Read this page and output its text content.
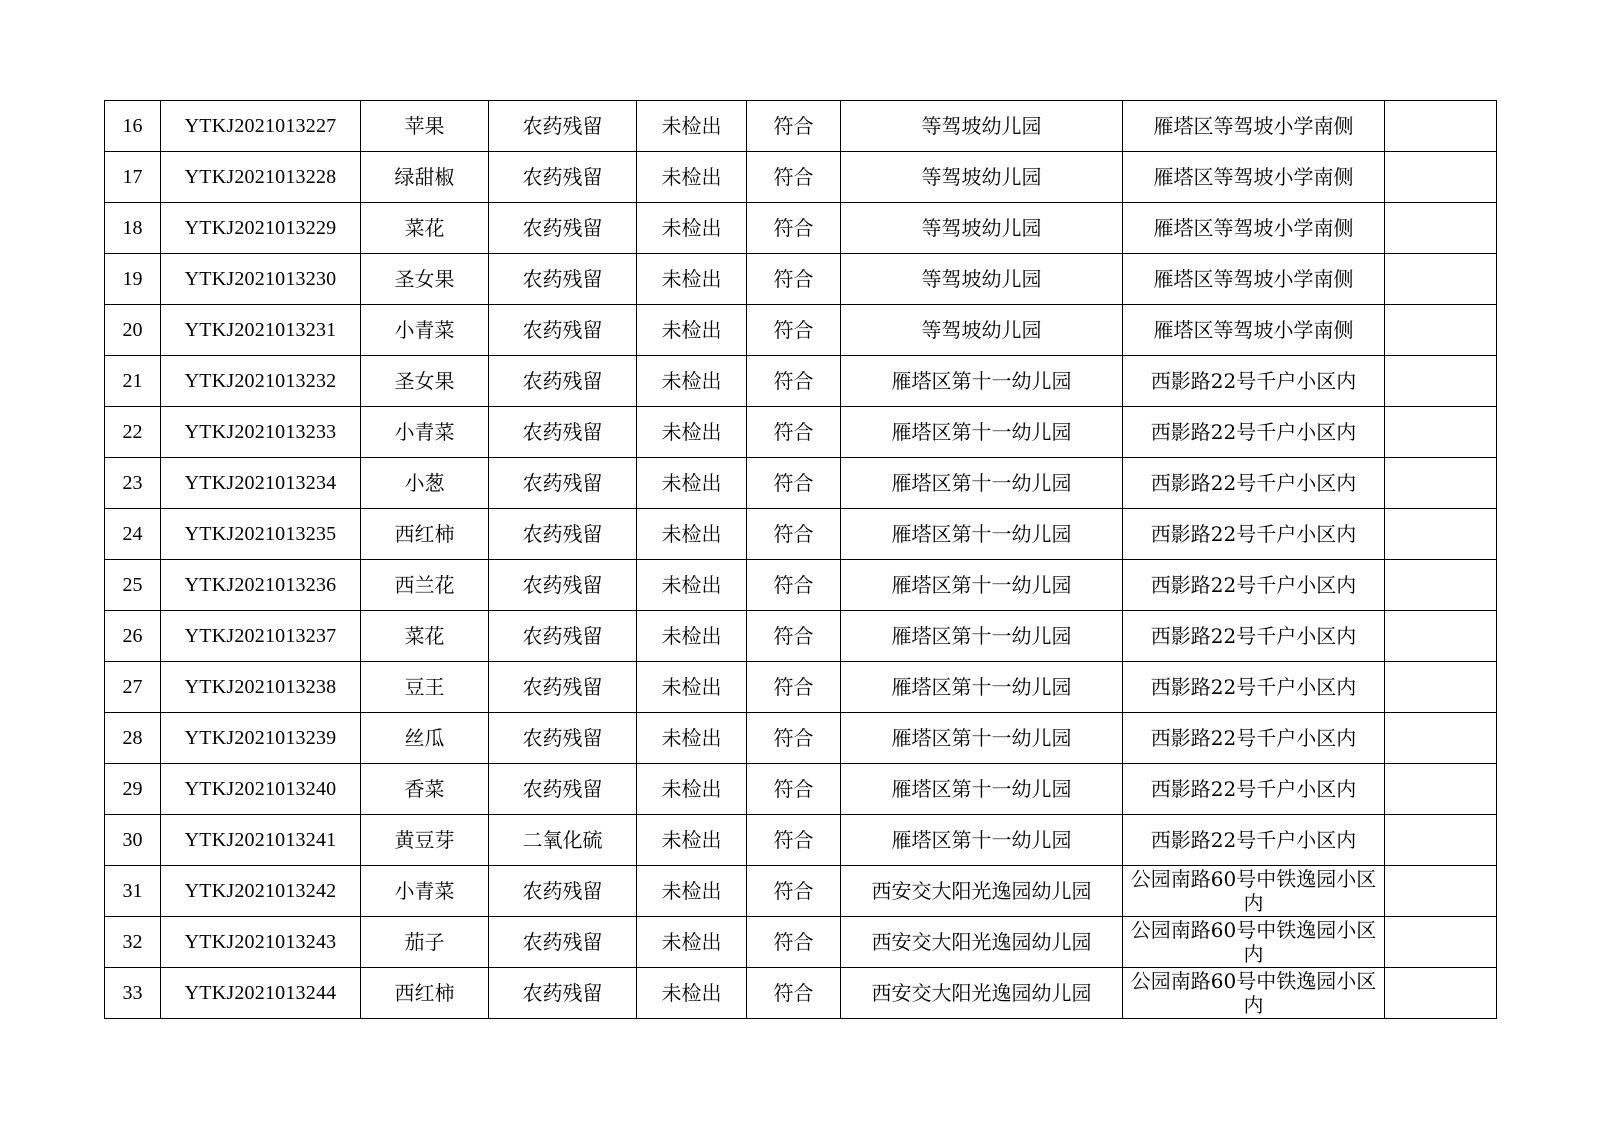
16	YTKJ2021013227	苹果	农药残留	未检出	符合	等驾坡幼儿园	雁塔区等驾坡小学南侧	
17	YTKJ2021013228	绿甜椒	农药残留	未检出	符合	等驾坡幼儿园	雁塔区等驾坡小学南侧	
18	YTKJ2021013229	菜花	农药残留	未检出	符合	等驾坡幼儿园	雁塔区等驾坡小学南侧	
19	YTKJ2021013230	圣女果	农药残留	未检出	符合	等驾坡幼儿园	雁塔区等驾坡小学南侧	
20	YTKJ2021013231	小青菜	农药残留	未检出	符合	等驾坡幼儿园	雁塔区等驾坡小学南侧	
21	YTKJ2021013232	圣女果	农药残留	未检出	符合	雁塔区第十一幼儿园	西影路22号千户小区内	
22	YTKJ2021013233	小青菜	农药残留	未检出	符合	雁塔区第十一幼儿园	西影路22号千户小区内	
23	YTKJ2021013234	小葱	农药残留	未检出	符合	雁塔区第十一幼儿园	西影路22号千户小区内	
24	YTKJ2021013235	西红柿	农药残留	未检出	符合	雁塔区第十一幼儿园	西影路22号千户小区内	
25	YTKJ2021013236	西兰花	农药残留	未检出	符合	雁塔区第十一幼儿园	西影路22号千户小区内	
26	YTKJ2021013237	菜花	农药残留	未检出	符合	雁塔区第十一幼儿园	西影路22号千户小区内	
27	YTKJ2021013238	豆王	农药残留	未检出	符合	雁塔区第十一幼儿园	西影路22号千户小区内	
28	YTKJ2021013239	丝瓜	农药残留	未检出	符合	雁塔区第十一幼儿园	西影路22号千户小区内	
29	YTKJ2021013240	香菜	农药残留	未检出	符合	雁塔区第十一幼儿园	西影路22号千户小区内	
30	YTKJ2021013241	黄豆芽	二氧化硫	未检出	符合	雁塔区第十一幼儿园	西影路22号千户小区内	
31	YTKJ2021013242	小青菜	农药残留	未检出	符合	西安交大阳光逸园幼儿园	公园南路60号中铁逸园小区内	
32	YTKJ2021013243	茄子	农药残留	未检出	符合	西安交大阳光逸园幼儿园	公园南路60号中铁逸园小区内	
33	YTKJ2021013244	西红柿	农药残留	未检出	符合	西安交大阳光逸园幼儿园	公园南路60号中铁逸园小区内	
